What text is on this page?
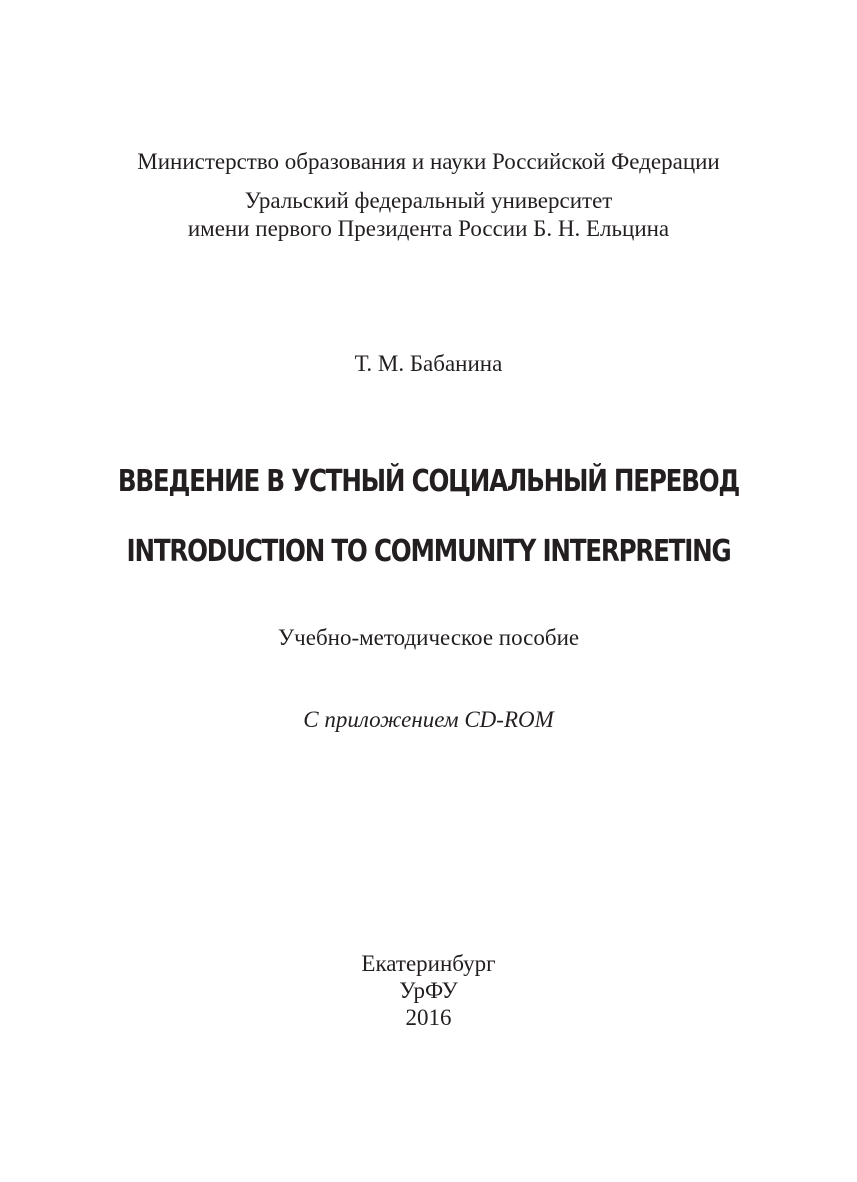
Министерство образования и науки Российской Федерации
Уральский федеральный университет
имени первого Президента России Б. Н. Ельцина
Т. М. Бабанина
ВВЕДЕНИЕ В УСТНЫЙ СОЦИАЛЬНЫЙ ПЕРЕВОД
INTRODUCTION TO COMMUNITY INTERPRETING
Учебно-методическое пособие
С приложением CD-ROM
Екатеринбург
УрФУ
2016
